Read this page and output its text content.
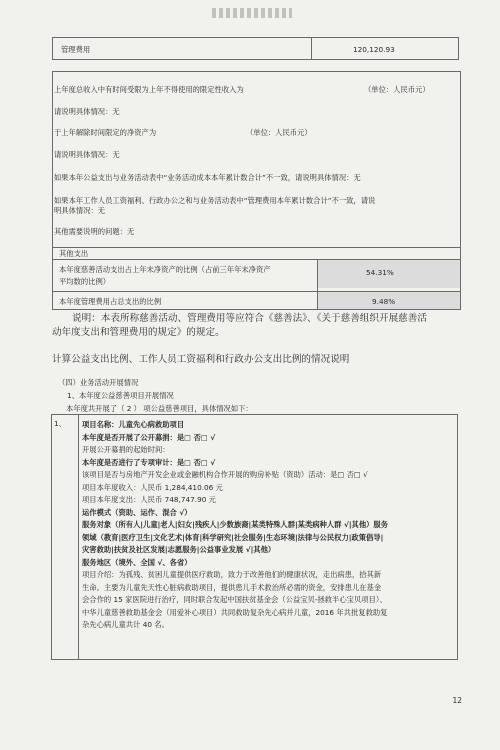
管理费用	120,120.93
上年度总收入中有时间受限为上年不得使用的限定性收入为	（单位：人民币元）
请说明具体情况：无
于上年解除时间限定的净资产为	（单位：人民币元）
请说明具体情况：无
如果本年公益支出与业务活动表中“业务活动成本本年累计数合计”不一致，请说明具体情况：无
如果本年工作人员工资福利、行政办公之和与业务活动表中“管理费用本年累计数合计”不一致，请说
明具体情况：无
其他需要说明的问题：无
其他支出
本年度慈善活动支出占上年末净资产的比例（占前三年年末净资产
平均数的比例）
54.31%
本年度管理费用占总支出的比例	9.48%
说明：本表所称慈善活动、管理费用等应符合《慈善法》、《关于慈善组织开展慈善活
动年度支出和管理费用的规定》的规定。
计算公益支出比例、工作人员工资福利和行政办公支出比例的情况说明
（四）业务活动开展情况
1、本年度公益慈善项目开展情况
本年度共开展了（ 2 ） 项公益慈善项目，具体情况如下：
1、 项目名称：儿童先心病救助项目
本年度是否开展了公开募捐：是□ 否□ √
开展公开募捐的起始时间：
本年度是否进行了专项审计：是□ 否□ √
该项目是否与房地产开发企业或金融机构合作开展的购房补贴（资助）活动：是□ 否□ √
项目本年度收入：人民币 1,284,410.06 元
项目本年度支出：人民币 748,747.90 元
运作模式（资助、运作、混合 √）
服务对象（所有人|儿童|老人|妇女|残疾人|少数族裔|某类特殊人群|某类病种人群 √|其他）服务
领域（教育|医疗卫生|文化艺术|体育|科学研究|社会服务|生态环境|法律与公民权力|政策倡导|
灾害救助|扶贫及社区发展|志愿服务|公益事业发展 √|其他）
服务地区（境外、全国 √、各省）
项目介绍：为孤残、贫困儿童提供医疗救助，致力于改善他们的健康状况，走出病患，拾其新
生命。主要为儿童先天性心脏病救助项目，提供患儿手术救治所必需的资金，安排患儿在基金
会合作的 15 家医院进行治疗，同时联合发起中国扶贫基金会（公益宝贝-拯救半心宝贝项目）、
中华儿童慈善救助基金会（用爱补心项目）共同救助复杂先心病并儿童，2016 年共批复救助复
杂先心病儿童共计 40 名。
12
